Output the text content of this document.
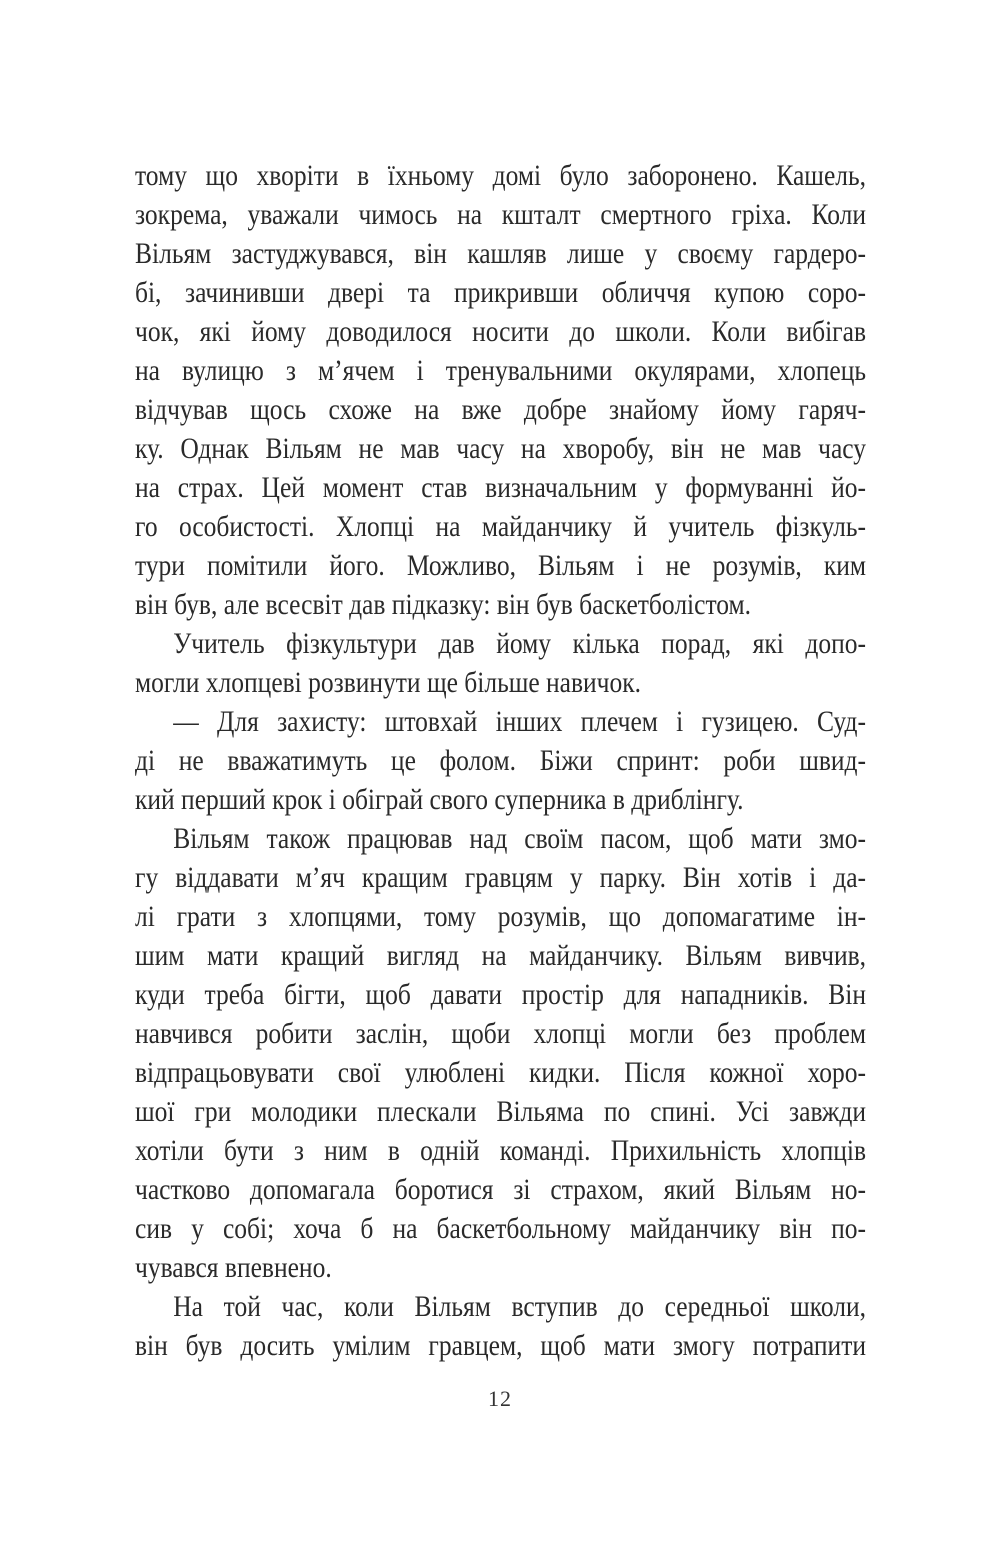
тому що хворіти в їхньому домі було заборонено. Кашель,
зокрема, уважали чимось на кшталт смертного гріха. Коли
Вільям застуджувався, він кашляв лише у своєму гардеро-
бі, зачинивши двері та прикривши обличчя купою соро-
чок, які йому доводилося носити до школи. Коли вибігав
на вулицю з м’ячем і тренувальними окулярами, хлопець
відчував щось схоже на вже добре знайому йому гаряч-
ку. Однак Вільям не мав часу на хворобу, він не мав часу
на страх. Цей момент став визначальним у формуванні йо-
го особистості. Хлопці на майданчику й учитель фізкуль-
тури помітили його. Можливо, Вільям і не розумів, ким
він був, але всесвіт дав підказку: він був баскетболістом.
Учитель фізкультури дав йому кілька порад, які допо-
могли хлопцеві розвинути ще більше навичок.
— Для захисту: штовхай інших плечем і гузицею. Суд-
ді не вважатимуть це фолом. Біжи спринт: роби швид-
кий перший крок і обіграй свого суперника в дриблінгу.
Вільям також працював над своїм пасом, щоб мати змо-
гу віддавати м’яч кращим гравцям у парку. Він хотів і да-
лі грати з хлопцями, тому розумів, що допомагатиме ін-
шим мати кращий вигляд на майданчику. Вільям вивчив,
куди треба бігти, щоб давати простір для нападників. Він
навчився робити заслін, щоби хлопці могли без проблем
відпрацьовувати свої улюблені кидки. Після кожної хоро-
шої гри молодики плескали Вільяма по спині. Усі завжди
хотіли бути з ним в одній команді. Прихильність хлопців
частково допомагала боротися зі страхом, який Вільям но-
сив у собі; хоча б на баскетбольному майданчику він по-
чувався впевнено.
На той час, коли Вільям вступив до середньої школи,
він був досить умілим гравцем, щоб мати змогу потрапити
12
